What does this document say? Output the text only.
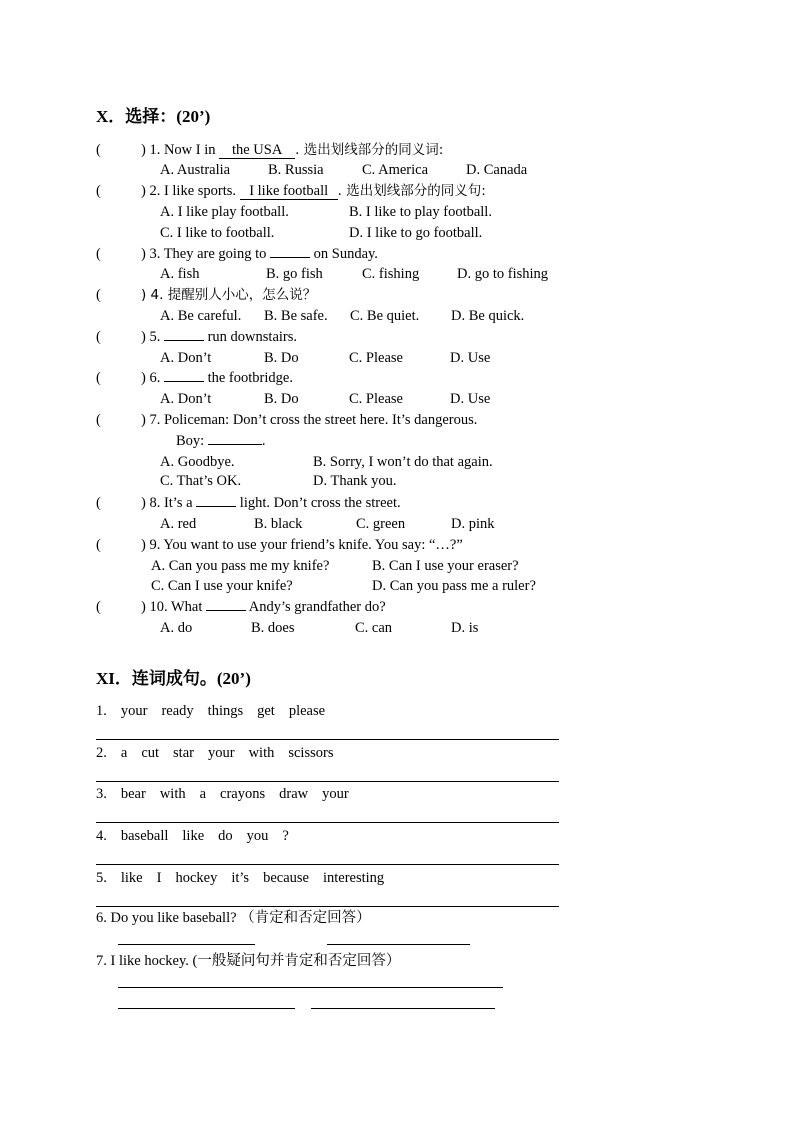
X．选择：(20’)
(	) 1. Now I in the USA . 选出划线部分的同义词:
A. Australia	B. Russia	C. America	D. Canada
(	) 2. I like sports. I like football . 选出划线部分的同义句:
A. I like play football.	B. I like to play football.
C. I like to football.	D. I like to go football.
(	) 3. They are going to	on Sunday.
A. fish	B. go fish	C. fishing	D. go to fishing
(	) 4. 提醒别人小心，怎么说？
A. Be careful. B. Be safe. C. Be quiet. D. Be quick.
(	) 5.	run downstairs.
A. Don’t	B. Do	C. Please	D. Use
(	) 6.	the footbridge.
A. Don’t	B. Do	C. Please	D. Use
(	) 7. Policeman: Don’t cross the street here. It’s dangerous.
Boy:	.
A. Goodbye.	B. Sorry, I won’t do that again.
C. That’s OK.	D. Thank you.
(	) 8. It’s a	light. Don’t cross the street.
A. red	B. black	C. green	D. pink
(	) 9. You want to use your friend’s knife. You say: “…?”
A. Can you pass me my knife?	B. Can I use your eraser?
C. Can I use your knife?	D. Can you pass me a ruler?
(	) 10. What	Andy’s grandfather do?
A. do	B. does	C. can	D. is
XI．连词成句。(20’)
1. your ready things get please
2. a cut star your with scissors
3. bear with a crayons draw your
4. baseball like do you ?
5. like I hockey it’s because interesting
6. Do you like baseball? （肯定和否定回答）
7. I like hockey. (一般疑问句并肯定和否定回答）
